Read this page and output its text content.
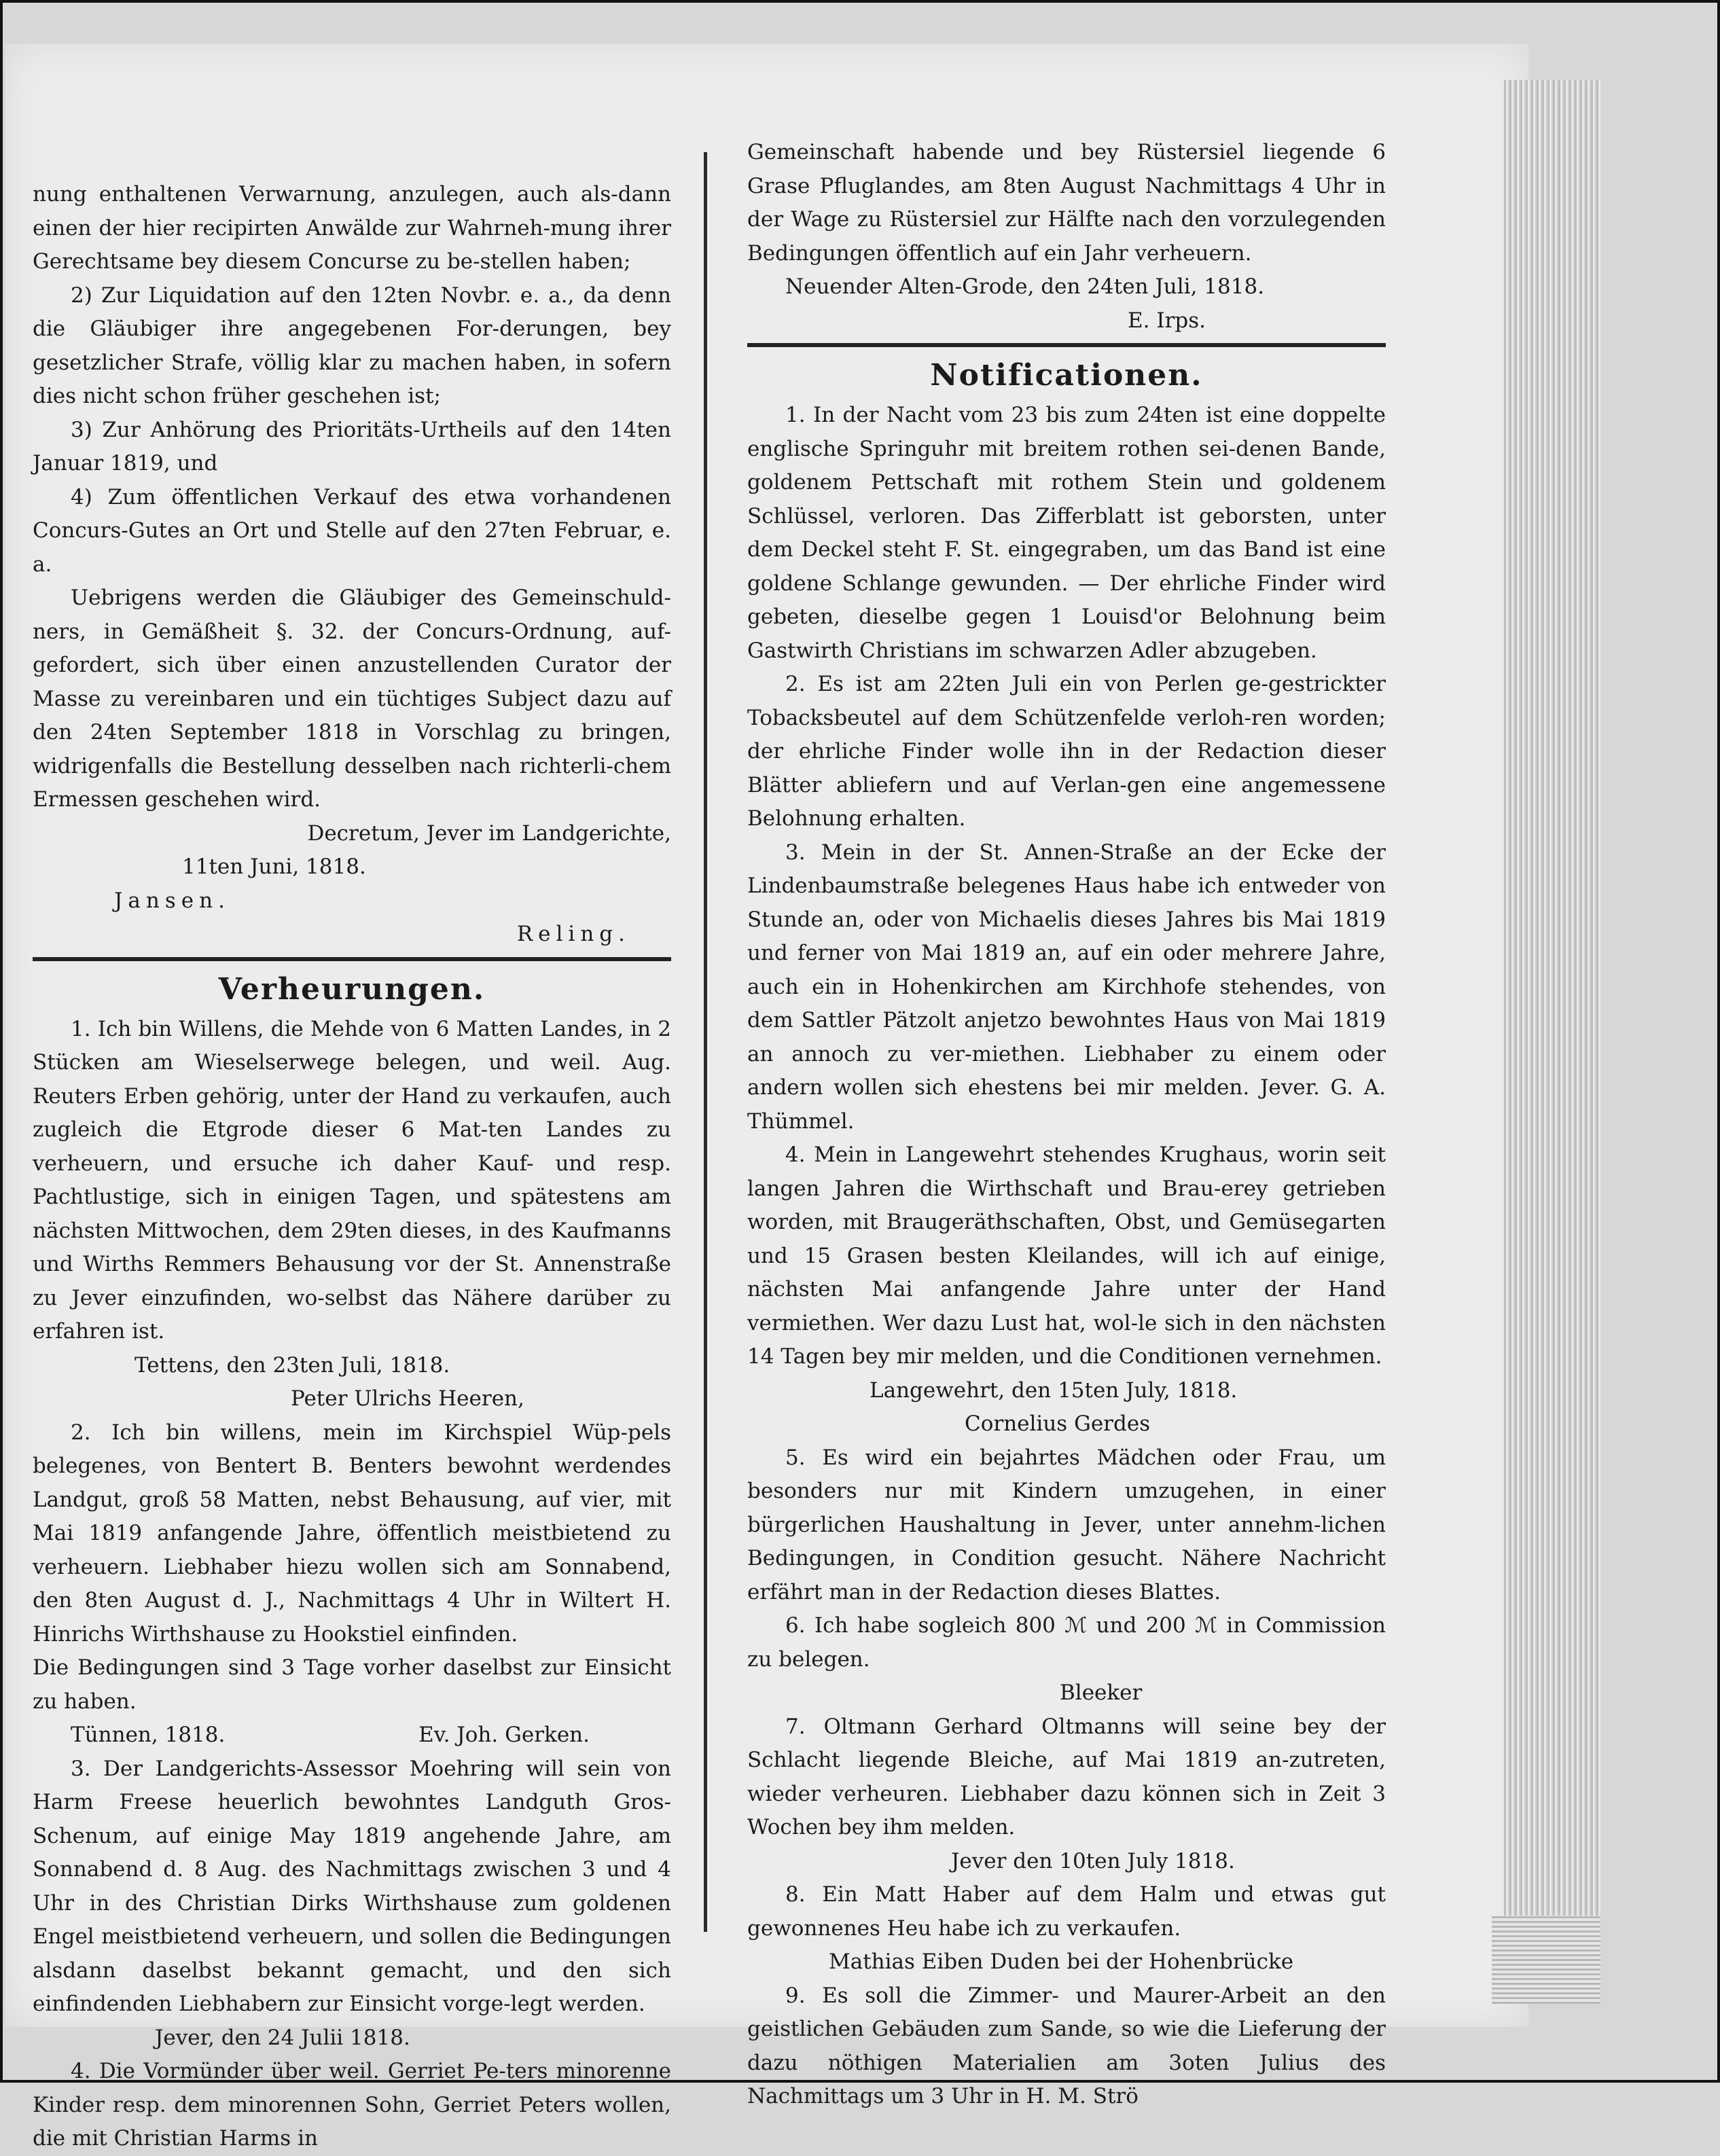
nung enthaltenen Verwarnung, anzulegen, auch als-dann einen der hier recipirten Anwälde zur Wahrneh-mung ihrer Gerechtsame bey diesem Concurse zu be-stellen haben;

2) Zur Liquidation auf den 12ten Novbr. e. a., da denn die Gläubiger ihre angegebenen For-derungen, bey gesetzlicher Strafe, völlig klar zu machen haben, in sofern dies nicht schon früher geschehen ist;

3) Zur Anhörung des Prioritäts-Urtheils auf den 14ten Januar 1819, und

4) Zum öffentlichen Verkauf des etwa vorhandenen Concurs-Gutes an Ort und Stelle auf den 27ten Februar, e. a.

Uebrigens werden die Gläubiger des Gemeinschuld-ners, in Gemäßheit §. 32. der Concurs-Ordnung, auf-gefordert, sich über einen anzustellenden Curator der Masse zu vereinbaren und ein tüchtiges Subject dazu auf den 24ten September 1818 in Vorschlag zu bringen, widrigenfalls die Bestellung desselben nach richterli-chem Ermessen geschehen wird.

Decretum, Jever im Landgerichte,

11ten Juni, 1818.

Jansen.
Reling.
Verheurungen.

1. Ich bin Willens, die Mehde von 6 Matten Landes, in 2 Stücken am Wieselserwege belegen, und weil. Aug. Reuters Erben gehörig, unter der Hand zu verkaufen, auch zugleich die Etgrode dieser 6 Mat-ten Landes zu verheuern, und ersuche ich daher Kauf- und resp. Pachtlustige, sich in einigen Tagen, und spätestens am nächsten Mittwochen, dem 29ten dieses, in des Kaufmanns und Wirths Remmers Behausung vor der St. Annenstraße zu Jever einzufinden, wo-selbst das Nähere darüber zu erfahren ist.

Tettens, den 23ten Juli, 1818.

Peter Ulrichs Heeren,

2. Ich bin willens, mein im Kirchspiel Wüp-pels belegenes, von Bentert B. Benters bewohnt werdendes Landgut, groß 58 Matten, nebst Behausung, auf vier, mit Mai 1819 anfangende Jahre, öffentlich meistbietend zu verheuern. Liebhaber hiezu wollen sich am Sonnabend, den 8ten August d. J., Nachmittags 4 Uhr in Wiltert H. Hinrichs Wirthshause zu Hookstiel einfinden.

Die Bedingungen sind 3 Tage vorher daselbst zur Einsicht zu haben.

Tünnen, 1818.	Ev. Joh. Gerken.

3. Der Landgerichts-Assessor Moehring will sein von Harm Freese heuerlich bewohntes Landguth Gros-Schenum, auf einige May 1819 angehende Jahre, am Sonnabend d. 8 Aug. des Nachmittags zwischen 3 und 4 Uhr in des Christian Dirks Wirthshause zum goldenen Engel meistbietend verheuern, und sollen die Bedingungen alsdann daselbst bekannt gemacht, und den sich einfindenden Liebhabern zur Einsicht vorge-legt werden.

Jever, den 24 Julii 1818.

4. Die Vormünder über weil. Gerriet Pe-ters minorenne Kinder resp. dem minorennen Sohn, Gerriet Peters wollen, die mit Christian Harms in

Gemeinschaft habende und bey Rüstersiel liegende 6 Grase Pfluglandes, am 8ten August Nachmittags 4 Uhr in der Wage zu Rüstersiel zur Hälfte nach den vorzulegenden Bedingungen öffentlich auf ein Jahr verheuern.

Neuender Alten-Grode, den 24ten Juli, 1818.

E. Irps.

Notificationen.

1. In der Nacht vom 23 bis zum 24ten ist eine doppelte englische Springuhr mit breitem rothen sei-denen Bande, goldenem Pettschaft mit rothem Stein und goldenem Schlüssel, verloren. Das Zifferblatt ist geborsten, unter dem Deckel steht F. St. eingegraben, um das Band ist eine goldene Schlange gewunden. — Der ehrliche Finder wird gebeten, dieselbe gegen 1 Louisd'or Belohnung beim Gastwirth Christians im schwarzen Adler abzugeben.

2. Es ist am 22ten Juli ein von Perlen ge-gestrickter Tobacksbeutel auf dem Schützenfelde verloh-ren worden; der ehrliche Finder wolle ihn in der Redaction dieser Blätter abliefern und auf Verlan-gen eine angemessene Belohnung erhalten.

3. Mein in der St. Annen-Straße an der Ecke der Lindenbaumstraße belegenes Haus habe ich entweder von Stunde an, oder von Michaelis dieses Jahres bis Mai 1819 und ferner von Mai 1819 an, auf ein oder mehrere Jahre, auch ein in Hohenkirchen am Kirchhofe stehendes, von dem Sattler Pätzolt anjetzo bewohntes Haus von Mai 1819 an annoch zu ver-miethen. Liebhaber zu einem oder andern wollen sich ehestens bei mir melden. Jever. G. A. Thümmel.

4. Mein in Langewehrt stehendes Krughaus, worin seit langen Jahren die Wirthschaft und Brau-erey getrieben worden, mit Braugeräthschaften, Obst, und Gemüsegarten und 15 Grasen besten Kleilandes, will ich auf einige, nächsten Mai anfangende Jahre unter der Hand vermiethen. Wer dazu Lust hat, wol-le sich in den nächsten 14 Tagen bey mir melden, und die Conditionen vernehmen.

Langewehrt, den 15ten July, 1818.

Cornelius Gerdes

5. Es wird ein bejahrtes Mädchen oder Frau, um besonders nur mit Kindern umzugehen, in einer bürgerlichen Haushaltung in Jever, unter annehm-lichen Bedingungen, in Condition gesucht. Nähere Nachricht erfährt man in der Redaction dieses Blattes.

6. Ich habe sogleich 800 ℳ und 200 ℳ in Commission zu belegen.

Bleeker

7. Oltmann Gerhard Oltmanns will seine bey der Schlacht liegende Bleiche, auf Mai 1819 an-zutreten, wieder verheuren. Liebhaber dazu können sich in Zeit 3 Wochen bey ihm melden.

Jever den 10ten July 1818.

8. Ein Matt Haber auf dem Halm und etwas gut gewonnenes Heu habe ich zu verkaufen.

Mathias Eiben Duden bei der Hohenbrücke

9. Es soll die Zimmer- und Maurer-Arbeit an den geistlichen Gebäuden zum Sande, so wie die Lieferung der dazu nöthigen Materialien am 3oten Julius des Nachmittags um 3 Uhr in H. M. Strö
